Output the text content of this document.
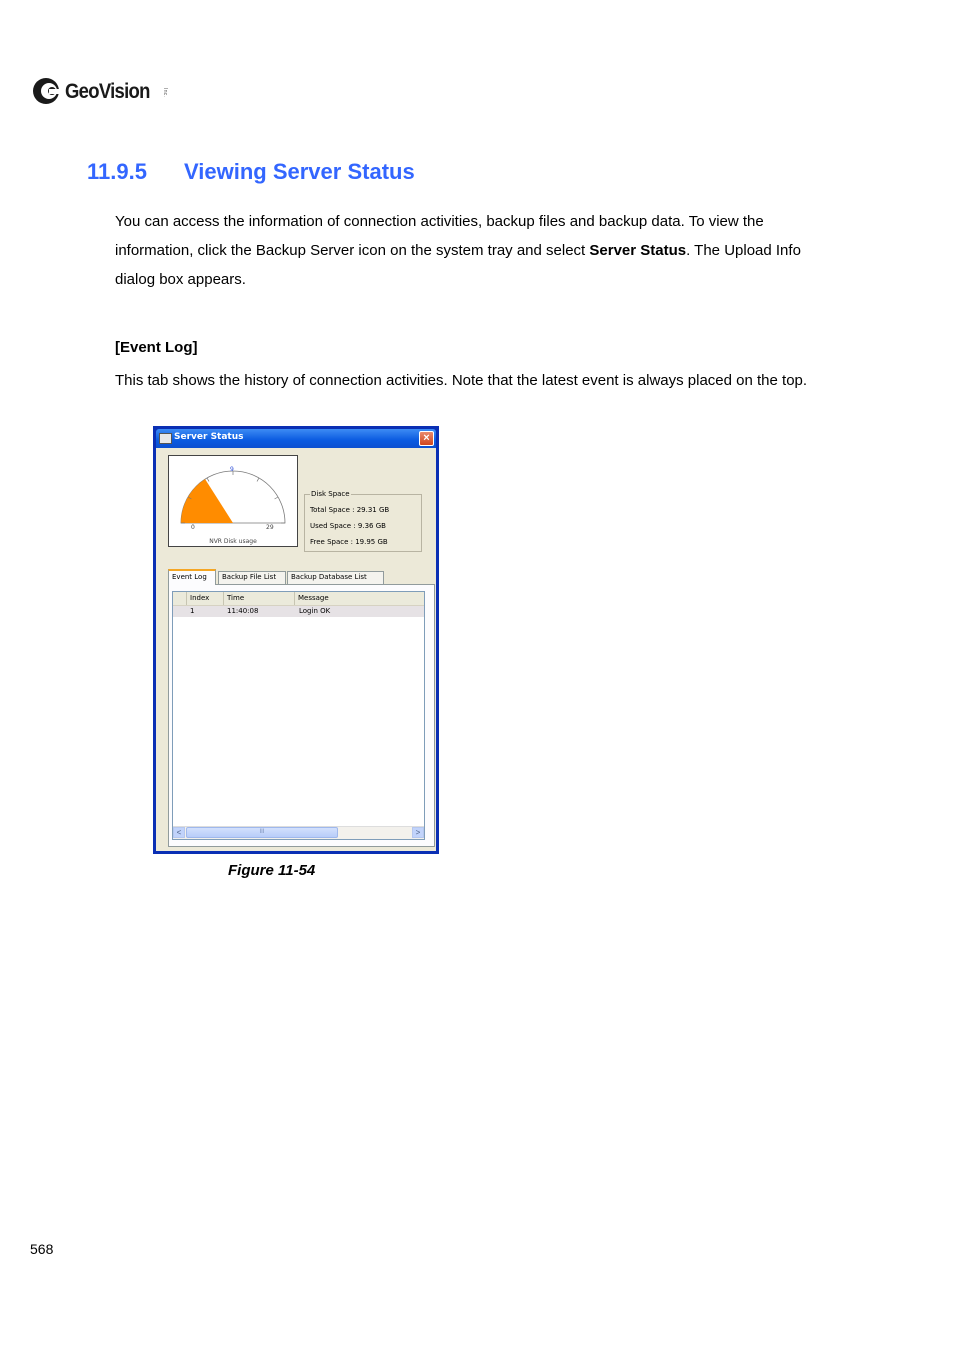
GeoVision Inc.
11.9.5 Viewing Server Status

You can access the information of connection activities, backup files and backup data. To view the information, click the Backup Server icon on the system tray and select Server Status. The Upload Info dialog box appears.

[Event Log]

This tab shows the history of connection activities. Note that the latest event is always placed on the top.

Server Status	×
9
0	29
NVR Disk usage
Disk Space
Total Space : 29.31 GB
Used Space : 9.36 GB
Free Space : 19.95 GB
Event Log	Backup File List	Backup Database List
Index	Time	Message
1	11:40:08	Login OK
<	III	>
Figure 11-54
568
